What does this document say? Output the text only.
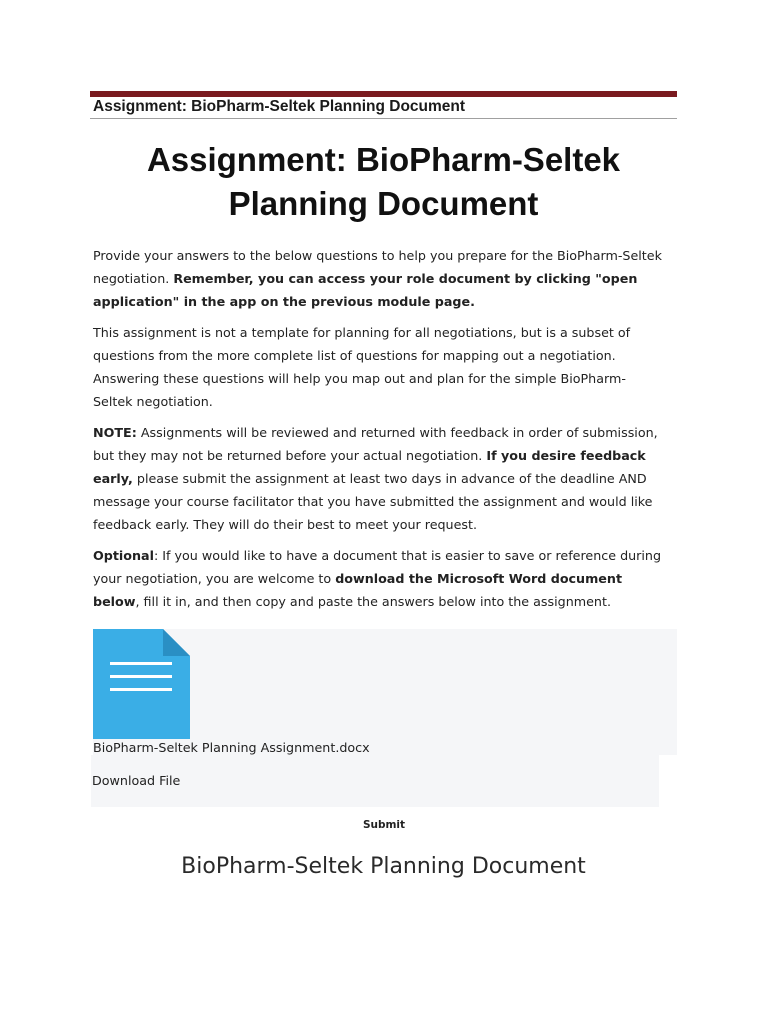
Assignment: BioPharm-Seltek Planning Document
Assignment: BioPharm-Seltek Planning Document

Provide your answers to the below questions to help you prepare for the BioPharm-Seltek negotiation. Remember, you can access your role document by clicking "open application" in the app on the previous module page.

This assignment is not a template for planning for all negotiations, but is a subset of questions from the more complete list of questions for mapping out a negotiation. Answering these questions will help you map out and plan for the simple BioPharm-Seltek negotiation.

NOTE: Assignments will be reviewed and returned with feedback in order of submission, but they may not be returned before your actual negotiation. If you desire feedback early, please submit the assignment at least two days in advance of the deadline AND message your course facilitator that you have submitted the assignment and would like feedback early. They will do their best to meet your request.

Optional: If you would like to have a document that is easier to save or reference during your negotiation, you are welcome to download the Microsoft Word document below, fill it in, and then copy and paste the answers below into the assignment.

BioPharm-Seltek Planning Assignment.docx
Download File
Submit
BioPharm-Seltek Planning Document
